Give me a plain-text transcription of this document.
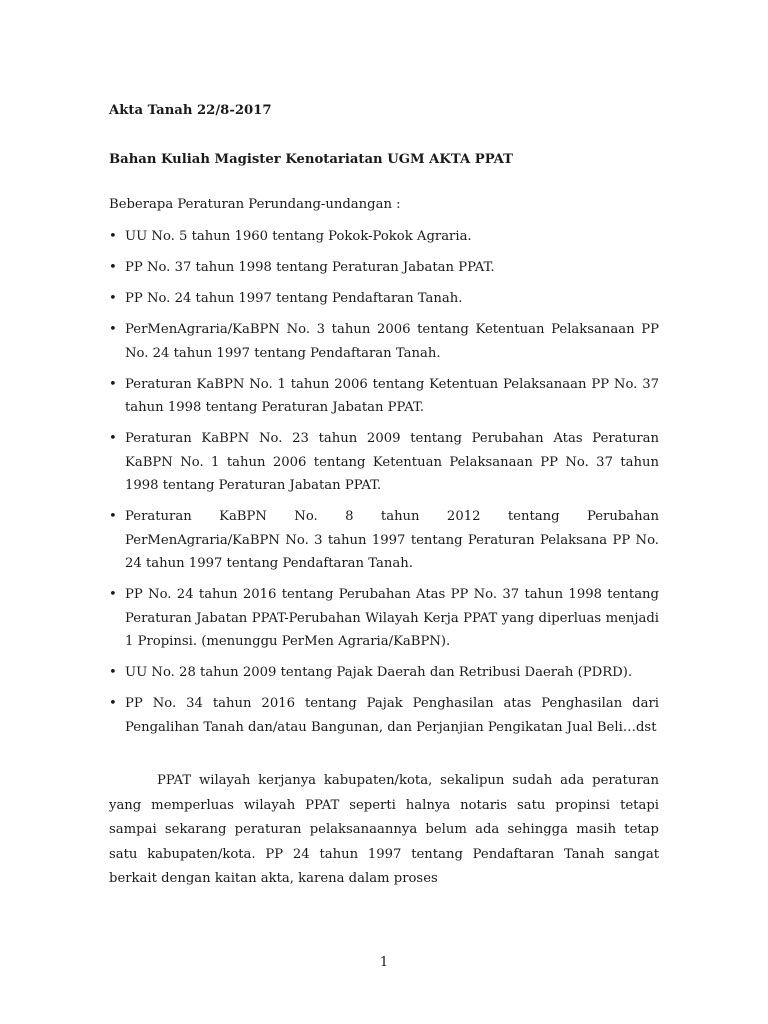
Akta Tanah 22/8-2017

Bahan Kuliah Magister Kenotariatan UGM AKTA PPAT

Beberapa Peraturan Perundang-undangan :

• UU No. 5 tahun 1960 tentang Pokok-Pokok Agraria.
• PP No. 37 tahun 1998 tentang Peraturan Jabatan PPAT.
• PP No. 24 tahun 1997 tentang Pendaftaran Tanah.
• PerMenAgraria/KaBPN No. 3 tahun 2006 tentang Ketentuan Pelaksanaan PP No. 24 tahun 1997 tentang Pendaftaran Tanah.
• Peraturan KaBPN No. 1 tahun 2006 tentang Ketentuan Pelaksanaan PP No. 37 tahun 1998 tentang Peraturan Jabatan PPAT.
• Peraturan KaBPN No. 23 tahun 2009 tentang Perubahan Atas Peraturan KaBPN No. 1 tahun 2006 tentang Ketentuan Pelaksanaan PP No. 37 tahun 1998 tentang Peraturan Jabatan PPAT.
• Peraturan KaBPN No. 8 tahun 2012 tentang Perubahan
PerMenAgraria/KaBPN No. 3 tahun 1997 tentang Peraturan Pelaksana PP No. 24 tahun 1997 tentang Pendaftaran Tanah.
• PP No. 24 tahun 2016 tentang Perubahan Atas PP No. 37 tahun 1998 tentang Peraturan Jabatan PPAT-Perubahan Wilayah Kerja PPAT yang diperluas menjadi 1 Propinsi. (menunggu PerMen Agraria/KaBPN).
• UU No. 28 tahun 2009 tentang Pajak Daerah dan Retribusi Daerah (PDRD).
• PP No. 34 tahun 2016 tentang Pajak Penghasilan atas Penghasilan dari Pengalihan Tanah dan/atau Bangunan, dan Perjanjian Pengikatan Jual Beli…dst

PPAT wilayah kerjanya kabupaten/kota, sekalipun sudah ada peraturan yang memperluas wilayah PPAT seperti halnya notaris satu propinsi tetapi sampai sekarang peraturan pelaksanaannya belum ada sehingga masih tetap satu kabupaten/kota. PP 24 tahun 1997 tentang Pendaftaran Tanah sangat berkait dengan kaitan akta, karena dalam proses

1
